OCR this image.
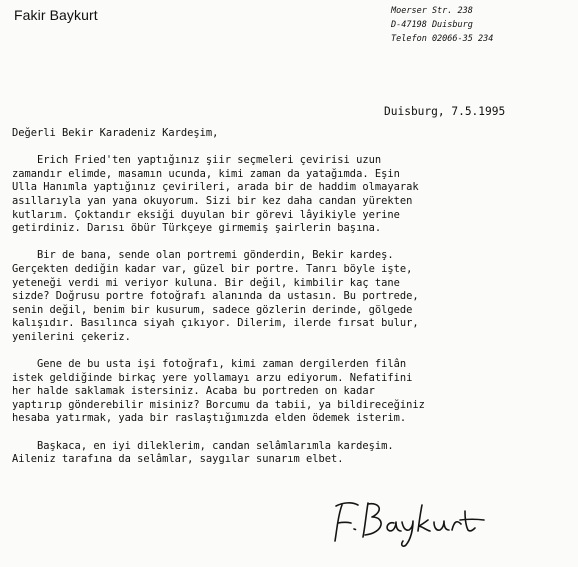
Fakir Baykurt	Moerser Str. 238
D-47198 Duisburg
Telefon 02066-35 234
Duisburg, 7.5.1995
Değerli Bekir Karadeniz Kardeşim,
Erich Fried'ten yaptığınız şiir seçmeleri çevirisi uzun
zamandır elimde, masamın ucunda, kimi zaman da yatağımda. Eşin
Ulla Hanımla yaptığınız çevirileri, arada bir de haddim olmayarak
asıllarıyla yan yana okuyorum. Sizi bir kez daha candan yürekten
kutlarım. Çoktandır eksiği duyulan bir görevi lâyikiyle yerine
getirdiniz. Darısı öbür Türkçeye girmemiş şairlerin başına.
Bir de bana, sende olan portremi gönderdin, Bekir kardeş.
Gerçekten dediğin kadar var, güzel bir portre. Tanrı böyle işte,
yeteneği verdi mi veriyor kuluna. Bir değil, kimbilir kaç tane
sizde? Doğrusu portre fotoğrafı alanında da ustasın. Bu portrede,
senin değil, benim bir kusurum, sadece gözlerin derinde, gölgede
kalışıdır. Basılınca siyah çıkıyor. Dilerim, ilerde fırsat bulur,
yenilerini çekeriz.
Gene de bu usta işi fotoğrafı, kimi zaman dergilerden filân
istek geldiğinde birkaç yere yollamayı arzu ediyorum. Nefatifini
her halde saklamak istersiniz. Acaba bu portreden on kadar
yaptırıp gönderebilir misiniz? Borcumu da tabii, ya bildireceğiniz
hesaba yatırmak, yada bir raslaştığımızda elden ödemek isterim.
Başkaca, en iyi dileklerim, candan selâmlarımla kardeşim.
Aileniz tarafına da selâmlar, saygılar sunarım elbet.
